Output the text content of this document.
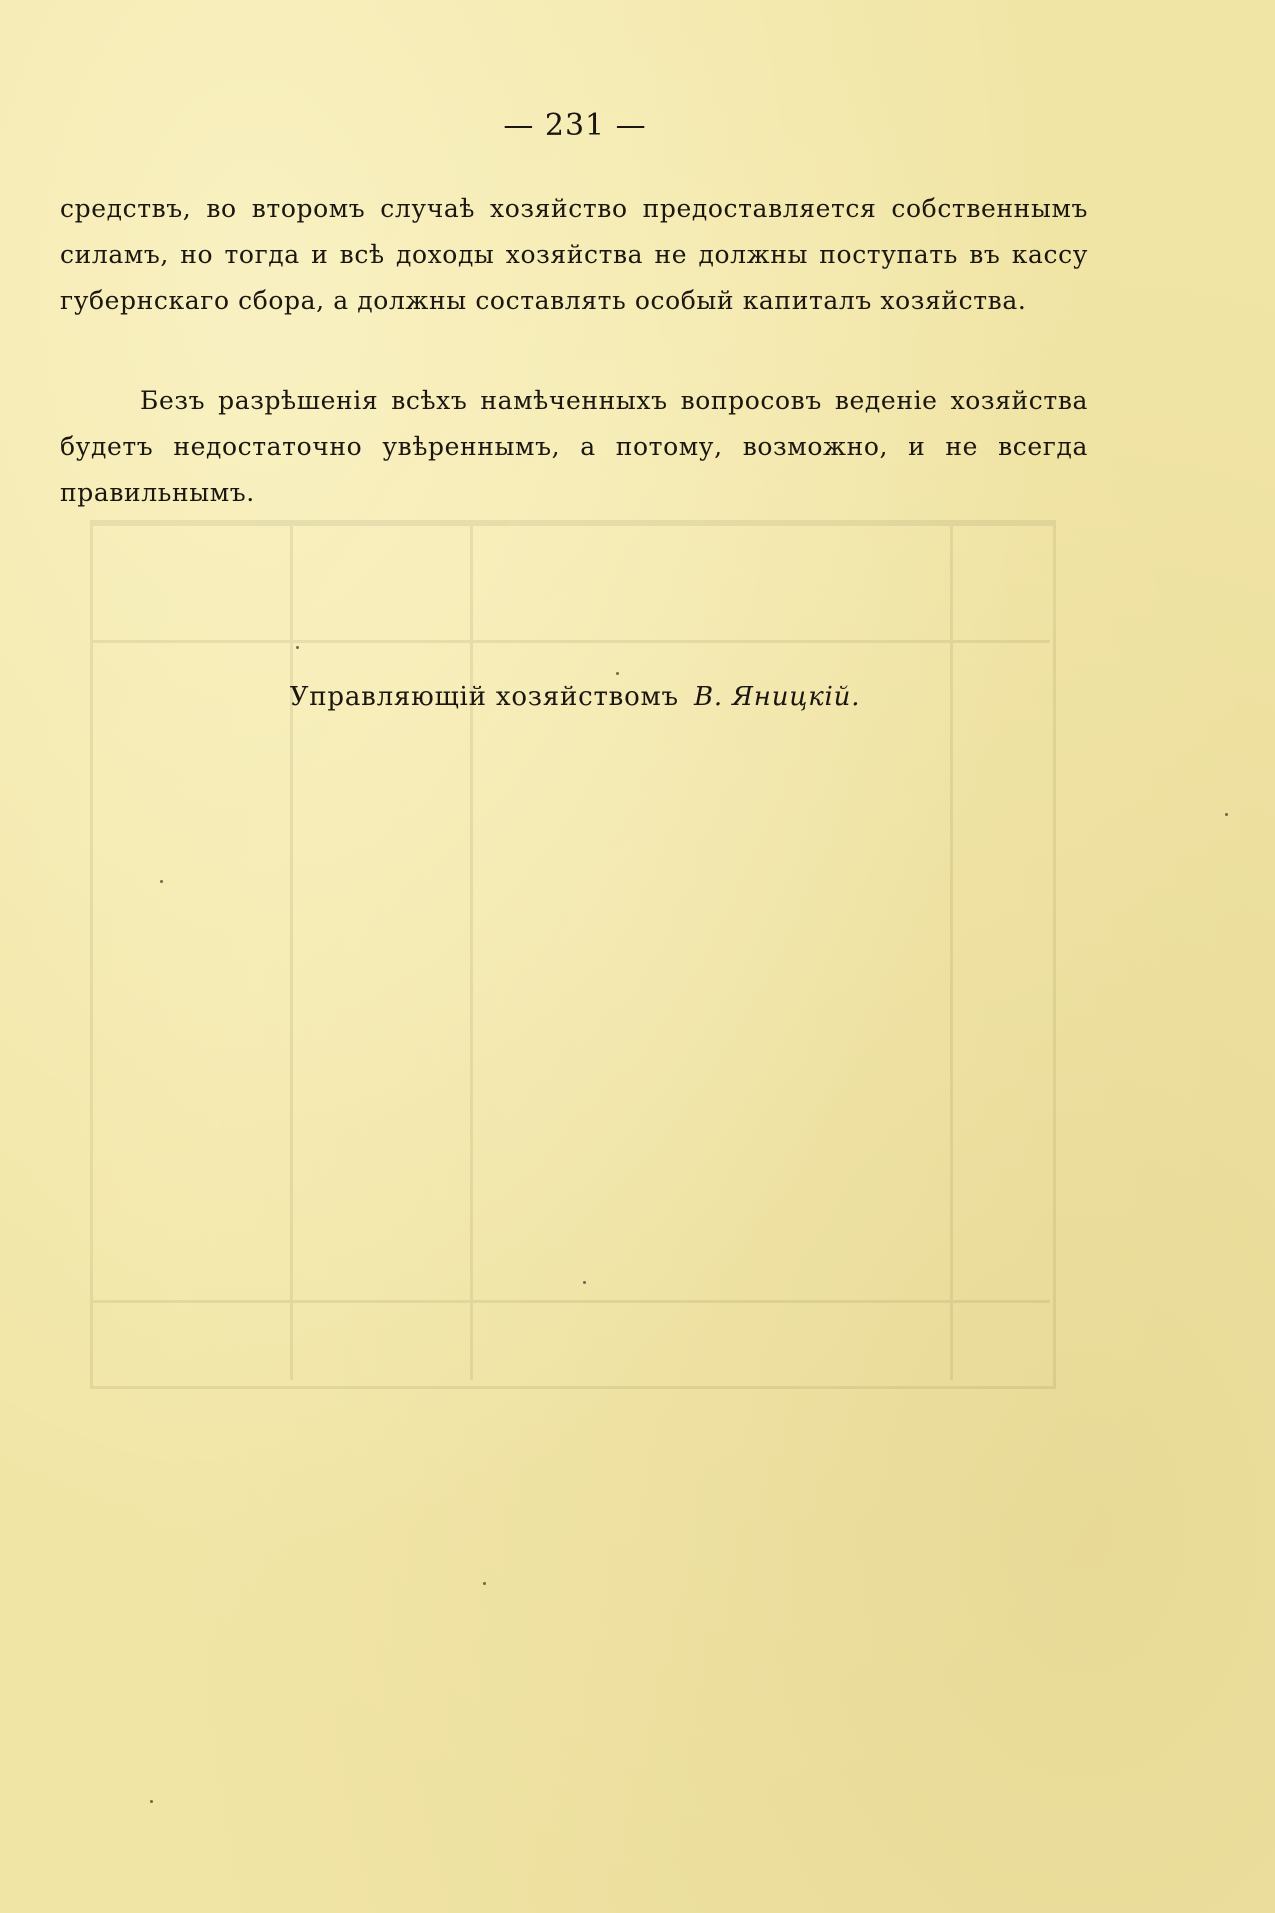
— 231 —

средствъ, во второмъ случаѣ хозяйство предоставляется собственнымъ силамъ, но тогда и всѣ доходы хозяйства не должны поступать въ кассу губернскаго сбора, а должны составлять особый капиталъ хозяйства.

Безъ разрѣшенія всѣхъ намѣченныхъ вопросовъ веденіе хозяйства будетъ недостаточно увѣреннымъ, а потому, возможно, и не всегда правильнымъ.

Управляющій хозяйствомъ В. Яницкій.
